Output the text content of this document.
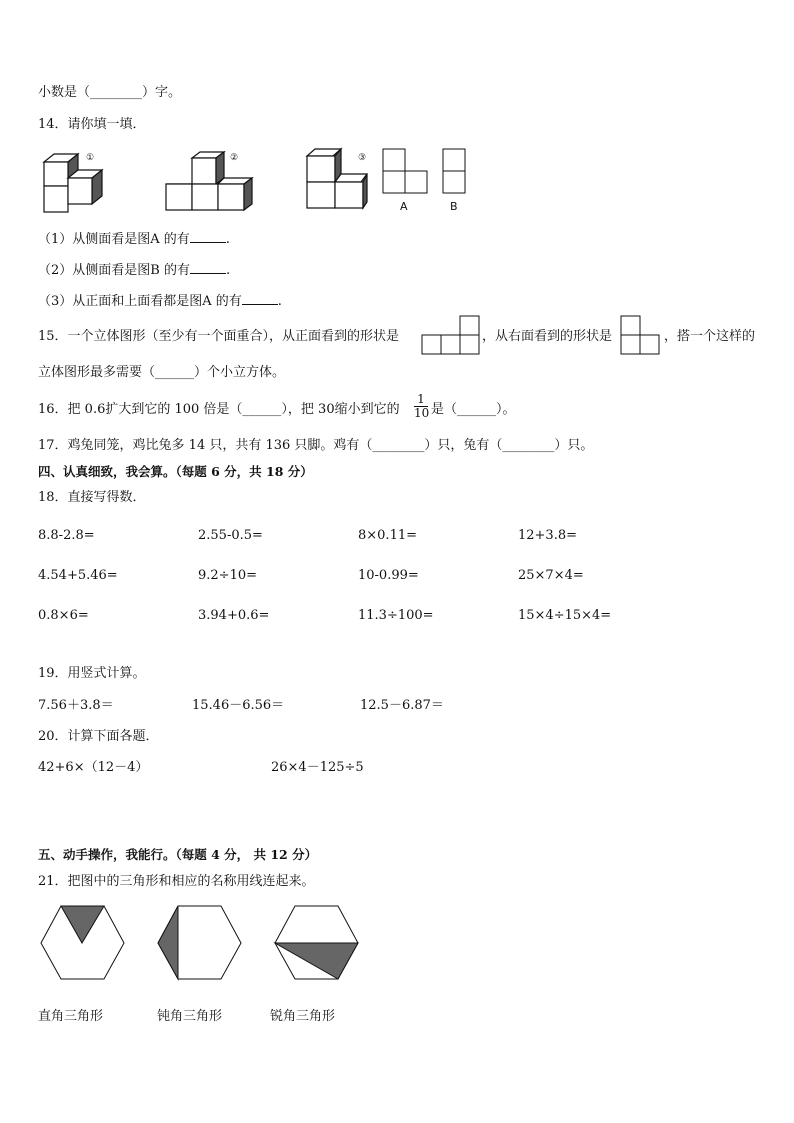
小数是（________）字。
14．请你填一填．
①	②	③
A	B
（1）从侧面看是图A 的有	.
（2）从侧面看是图B 的有	.
（3）从正面和上面看都是图A 的有	.
15．一个立体图形（至少有一个面重合），从正面看到的形状是	，从右面看到的形状是	，搭一个这样的
立体图形最多需要（______）个小立方体。
16．把 0.6扩大到它的 100 倍是（______），把 30缩小到它的 $\frac{1}{10}$ 是（______）。
17．鸡兔同笼，鸡比兔多 14 只，共有 136 只脚。鸡有（________）只，兔有（________）只。
四、认真细致，我会算。（每题 6 分，共 18 分）
18．直接写得数．
8.8-2.8=	2.55-0.5=	8×0.11=	12+3.8=
4.54+5.46=	9.2÷10=	10-0.99=	25×7×4=
0.8×6=	3.94+0.6=	11.3÷100=	15×4÷15×4=
19．用竖式计算。
7.56＋3.8＝	15.46－6.56＝	12.5－6.87＝
20．计算下面各题．
42+6×（12－4）	26×4－125÷5
五、动手操作，我能行。（每题 4 分， 共 12 分）
21．把图中的三角形和相应的名称用线连起来。
直角三角形	钝角三角形	锐角三角形
